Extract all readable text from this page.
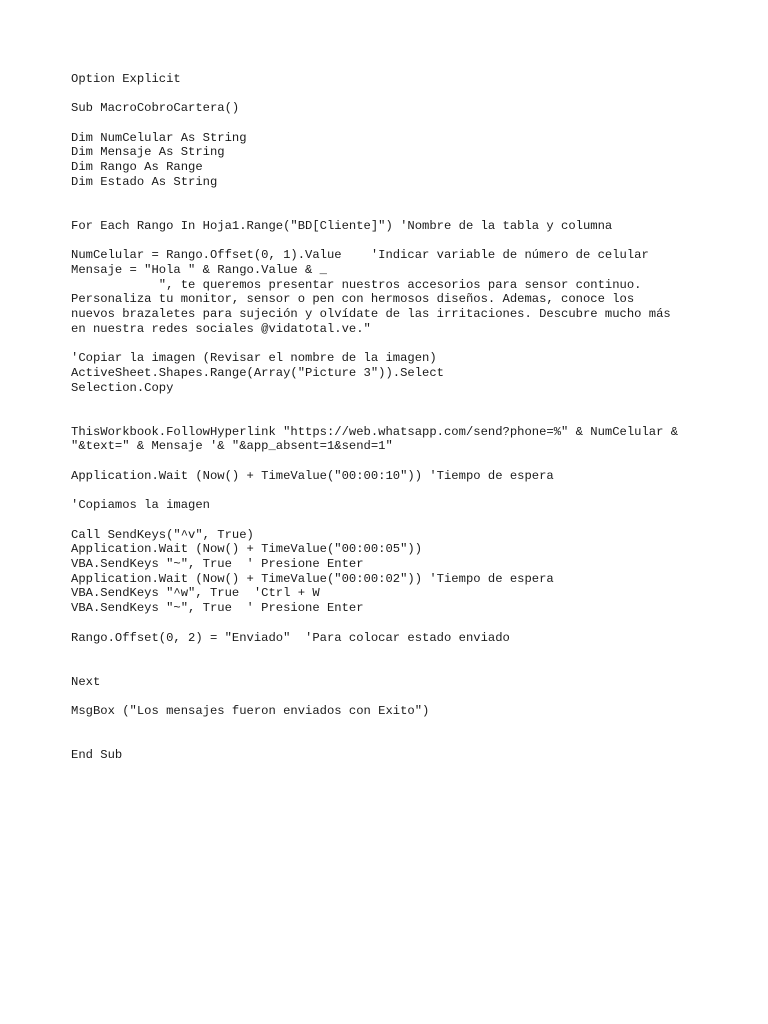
Option Explicit
Sub MacroCobroCartera()
Dim NumCelular As String
Dim Mensaje As String
Dim Rango As Range
Dim Estado As String
For Each Rango In Hoja1.Range("BD[Cliente]") 'Nombre de la tabla y columna
NumCelular = Rango.Offset(0, 1).Value    'Indicar variable de número de celular
Mensaje = "Hola " & Rango.Value & _
", te queremos presentar nuestros accesorios para sensor continuo.
Personaliza tu monitor, sensor o pen con hermosos diseños. Ademas, conoce los
nuevos brazaletes para sujeción y olvídate de las irritaciones. Descubre mucho más
en nuestra redes sociales @vidatotal.ve."
'Copiar la imagen (Revisar el nombre de la imagen)
ActiveSheet.Shapes.Range(Array("Picture 3")).Select
Selection.Copy
ThisWorkbook.FollowHyperlink "https://web.whatsapp.com/send?phone=%" & NumCelular &
"&text=" & Mensaje '& "&app_absent=1&send=1"
Application.Wait (Now() + TimeValue("00:00:10")) 'Tiempo de espera
'Copiamos la imagen
Call SendKeys("^v", True)
Application.Wait (Now() + TimeValue("00:00:05"))
VBA.SendKeys "~", True  ' Presione Enter
Application.Wait (Now() + TimeValue("00:00:02")) 'Tiempo de espera
VBA.SendKeys "^w", True  'Ctrl + W
VBA.SendKeys "~", True  ' Presione Enter
Rango.Offset(0, 2) = "Enviado"  'Para colocar estado enviado
Next
MsgBox ("Los mensajes fueron enviados con Exito")
End Sub
